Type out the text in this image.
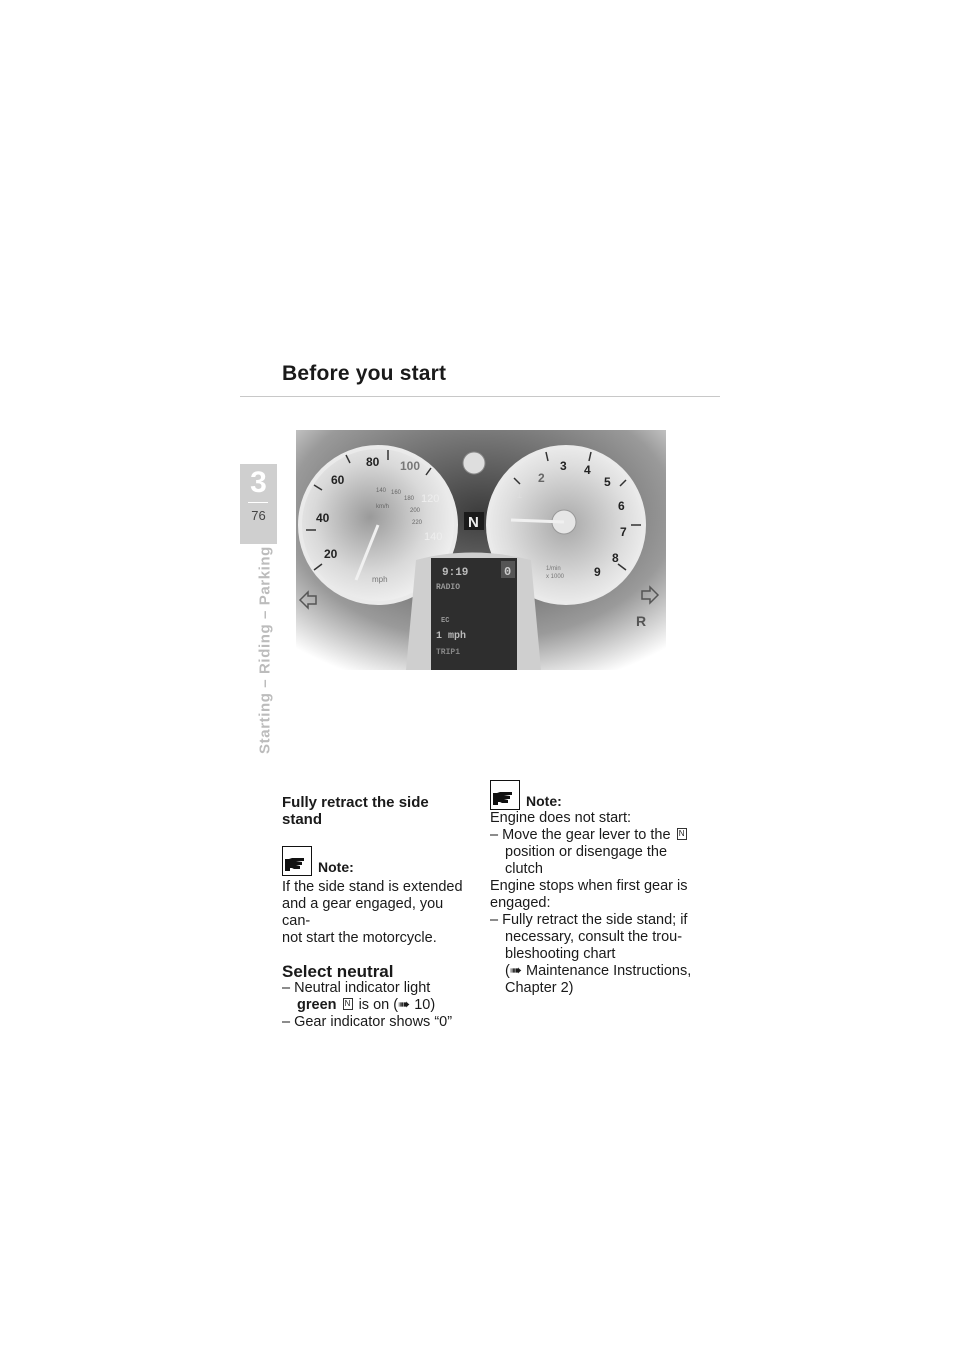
Before you start
3
76
Starting – Riding – Parking	20
40
60
80 100
120
140
140 160
180
200
220
km/h
mph
2
3 4
5
6
7
8
9
1
1/min
x 1000
N
9:19	0
RADIO
EC
1 mph
TRIP1
R
Fully retract the side stand
Note:
If the side stand is extended
and a gear engaged, you can-
not start the motorcycle.
Select neutral
– Neutral indicator light
green N is on (➠ 10)
– Gear indicator shows “0”
Note:
Engine does not start:
– Move the gear lever to the N
position or disengage the
clutch
Engine stops when first gear is
engaged:
– Fully retract the side stand; if
necessary, consult the trou-
bleshooting chart
(➠ Maintenance Instructions,
Chapter 2)
